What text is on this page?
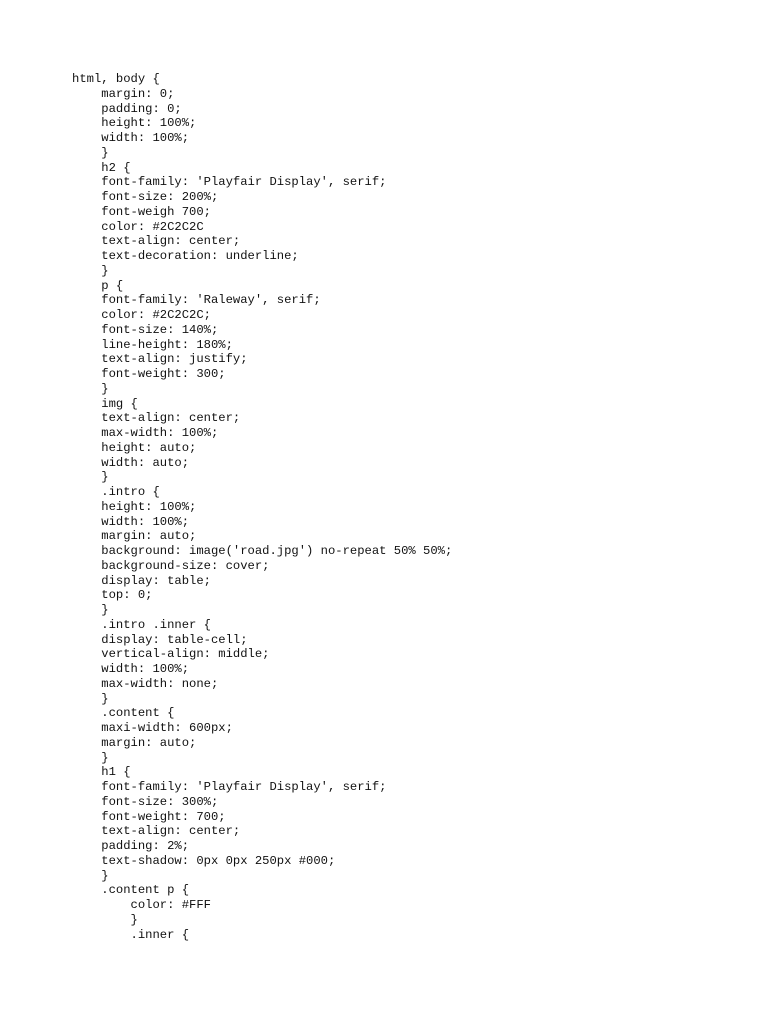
html, body {
margin: 0;
padding: 0;
height: 100%;
width: 100%;
}
h2 {
font-family: 'Playfair Display', serif;
font-size: 200%;
font-weigh 700;
color: #2C2C2C
text-align: center;
text-decoration: underline;
}
p {
font-family: 'Raleway', serif;
color: #2C2C2C;
font-size: 140%;
line-height: 180%;
text-align: justify;
font-weight: 300;
}
img {
text-align: center;
max-width: 100%;
height: auto;
width: auto;
}
.intro {
height: 100%;
width: 100%;
margin: auto;
background: image('road.jpg') no-repeat 50% 50%;
background-size: cover;
display: table;
top: 0;
}
.intro .inner {
display: table-cell;
vertical-align: middle;
width: 100%;
max-width: none;
}
.content {
maxi-width: 600px;
margin: auto;
}
h1 {
font-family: 'Playfair Display', serif;
font-size: 300%;
font-weight: 700;
text-align: center;
padding: 2%;
text-shadow: 0px 0px 250px #000;
}
.content p {
color: #FFF
}
.inner {
